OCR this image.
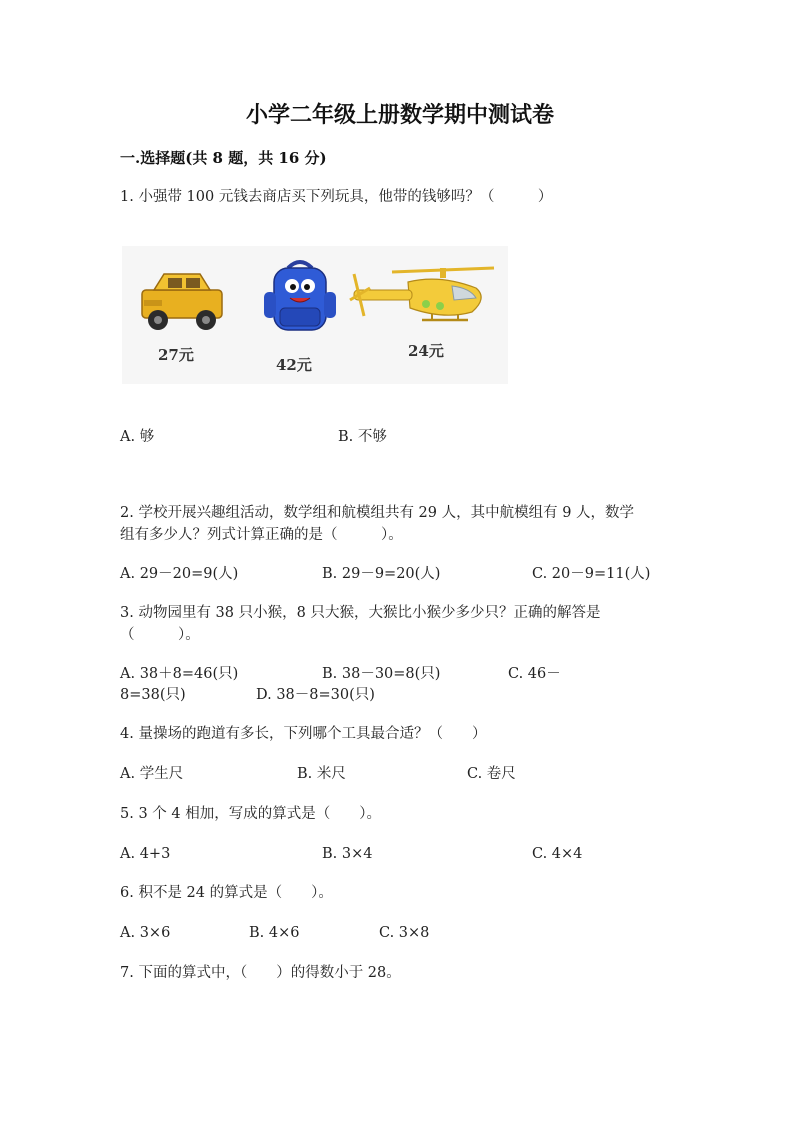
小学二年级上册数学期中测试卷
一.选择题(共 8 题，共 16 分)
1. 小强带 100 元钱去商店买下列玩具，他带的钱够吗？（　　　）
27元
42元
24元
A. 够	B. 不够
2. 学校开展兴趣组活动，数学组和航模组共有 29 人，其中航模组有 9 人，数学
组有多少人？列式计算正确的是（　　　）。
A. 29－20=9(人)	B. 29－9=20(人)	C. 20－9=11(人)
3. 动物园里有 38 只小猴，8 只大猴，大猴比小猴少多少只？正确的解答是
（　　　）。
A. 38＋8=46(只)	B. 38－30=8(只)	C. 46－
8=38(只)	D. 38－8=30(只)
4. 量操场的跑道有多长，下列哪个工具最合适？（　　）
A. 学生尺	B. 米尺	C. 卷尺
5. 3 个 4 相加，写成的算式是（　　）。
A. 4+3	B. 3×4	C. 4×4
6. 积不是 24 的算式是（　　）。
A. 3×6	B. 4×6	C. 3×8
7. 下面的算式中，（　　）的得数小于 28。
